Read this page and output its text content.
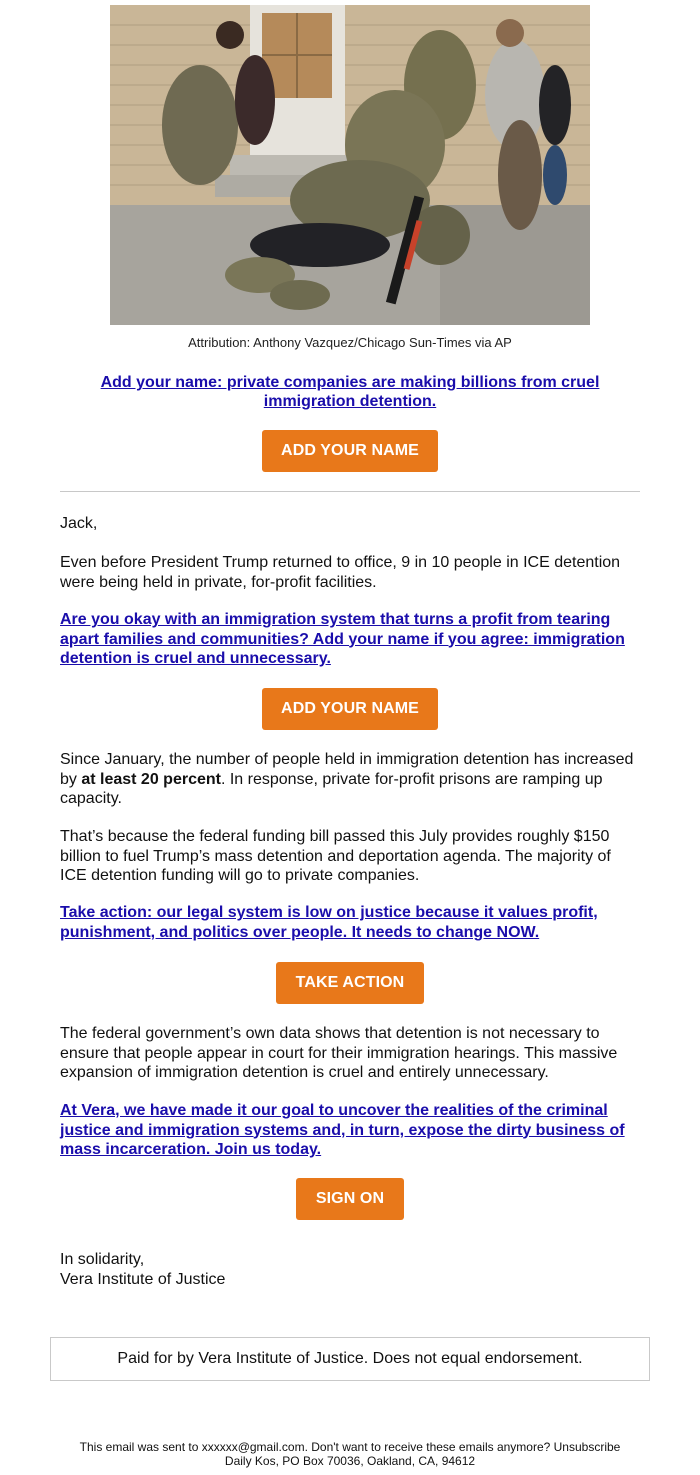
Attribution: Anthony Vazquez/Chicago Sun-Times via AP
Add your name: private companies are making billions from cruel immigration detention.
ADD YOUR NAME
Jack,
Even before President Trump returned to office, 9 in 10 people in ICE detention were being held in private, for-profit facilities.
Are you okay with an immigration system that turns a profit from tearing apart families and communities? Add your name if you agree: immigration detention is cruel and unnecessary.
ADD YOUR NAME
Since January, the number of people held in immigration detention has increased by at least 20 percent. In response, private for-profit prisons are ramping up capacity.
That’s because the federal funding bill passed this July provides roughly $150 billion to fuel Trump’s mass detention and deportation agenda. The majority of ICE detention funding will go to private companies.
Take action: our legal system is low on justice because it values profit, punishment, and politics over people. It needs to change NOW.
TAKE ACTION
The federal government’s own data shows that detention is not necessary to ensure that people appear in court for their immigration hearings. This massive expansion of immigration detention is cruel and entirely unnecessary.
At Vera, we have made it our goal to uncover the realities of the criminal justice and immigration systems and, in turn, expose the dirty business of mass incarceration. Join us today.
SIGN ON
In solidarity,
Vera Institute of Justice
Paid for by Vera Institute of Justice. Does not equal endorsement.
This email was sent to xxxxxx@gmail.com. Don't want to receive these emails anymore? Unsubscribe
Daily Kos, PO Box 70036, Oakland, CA, 94612
